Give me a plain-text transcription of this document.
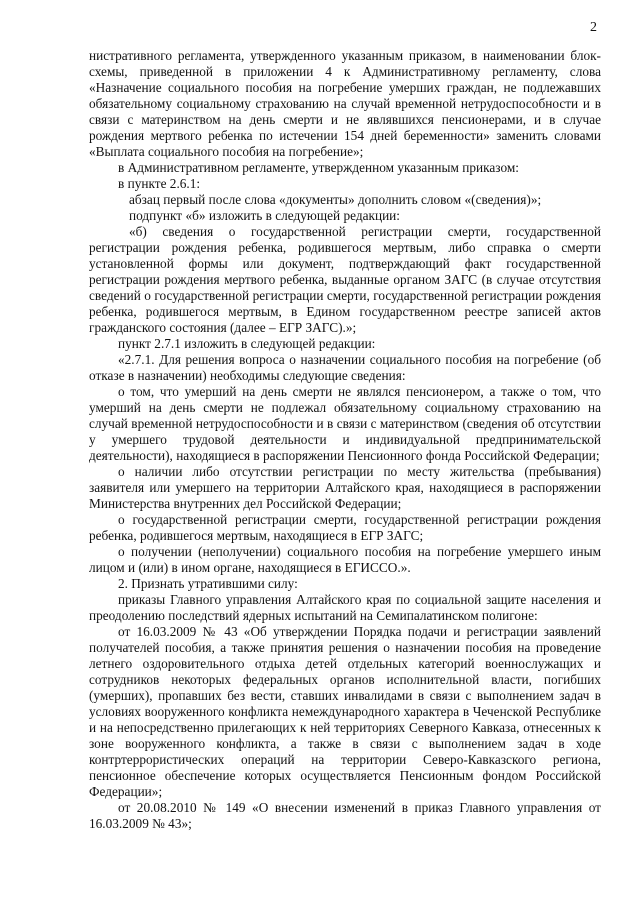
2

нистративного регламента, утвержденного указанным приказом, в наименовании блок-схемы, приведенной в приложении 4 к Административному регламенту, слова «Назначение социального пособия на погребение умерших граждан, не подлежавших обязательному социальному страхованию на случай временной нетрудоспособности и в связи с материнством на день смерти и не являвшихся пенсионерами, и в случае рождения мертвого ребенка по истечении 154 дней беременности» заменить словами «Выплата социального пособия на погребение»;

в Административном регламенте, утвержденном указанным приказом:

в пункте 2.6.1:

абзац первый после слова «документы» дополнить словом «(сведения)»;

подпункт «б» изложить в следующей редакции:

«б) сведения о государственной регистрации смерти, государственной регистрации рождения ребенка, родившегося мертвым, либо справка о смерти установленной формы или документ, подтверждающий факт государственной регистрации рождения мертвого ребенка, выданные органом ЗАГС (в случае отсутствия сведений о государственной регистрации смерти, государственной регистрации рождения ребенка, родившегося мертвым, в Едином государственном реестре записей актов гражданского состояния (далее – ЕГР ЗАГС).»;

пункт 2.7.1 изложить в следующей редакции:

«2.7.1. Для решения вопроса о назначении социального пособия на погребение (об отказе в назначении) необходимы следующие сведения:

о том, что умерший на день смерти не являлся пенсионером, а также о том, что умерший на день смерти не подлежал обязательному социальному страхованию на случай временной нетрудоспособности и в связи с материнством (сведения об отсутствии у умершего трудовой деятельности и индивидуальной предпринимательской деятельности), находящиеся в распоряжении Пенсионного фонда Российской Федерации;

о наличии либо отсутствии регистрации по месту жительства (пребывания) заявителя или умершего на территории Алтайского края, находящиеся в распоряжении Министерства внутренних дел Российской Федерации;

о государственной регистрации смерти, государственной регистрации рождения ребенка, родившегося мертвым, находящиеся в ЕГР ЗАГС;

о получении (неполучении) социального пособия на погребение умершего иным лицом и (или) в ином органе, находящиеся в ЕГИССО.».

2. Признать утратившими силу:

приказы Главного управления Алтайского края по социальной защите населения и преодолению последствий ядерных испытаний на Семипалатинском полигоне:

от 16.03.2009 № 43 «Об утверждении Порядка подачи и регистрации заявлений получателей пособия, а также принятия решения о назначении пособия на проведение летнего оздоровительного отдыха детей отдельных категорий военнослужащих и сотрудников некоторых федеральных органов исполнительной власти, погибших (умерших), пропавших без вести, ставших инвалидами в связи с выполнением задач в условиях вооруженного конфликта немеждународного характера в Чеченской Республике и на непосредственно прилегающих к ней территориях Северного Кавказа, отнесенных к зоне вооруженного конфликта, а также в связи с выполнением задач в ходе контртеррористических операций на территории Северо-Кавказского региона, пенсионное обеспечение которых осуществляется Пенсионным фондом Российской Федерации»;

от 20.08.2010 № 149 «О внесении изменений в приказ Главного управления от 16.03.2009 № 43»;
